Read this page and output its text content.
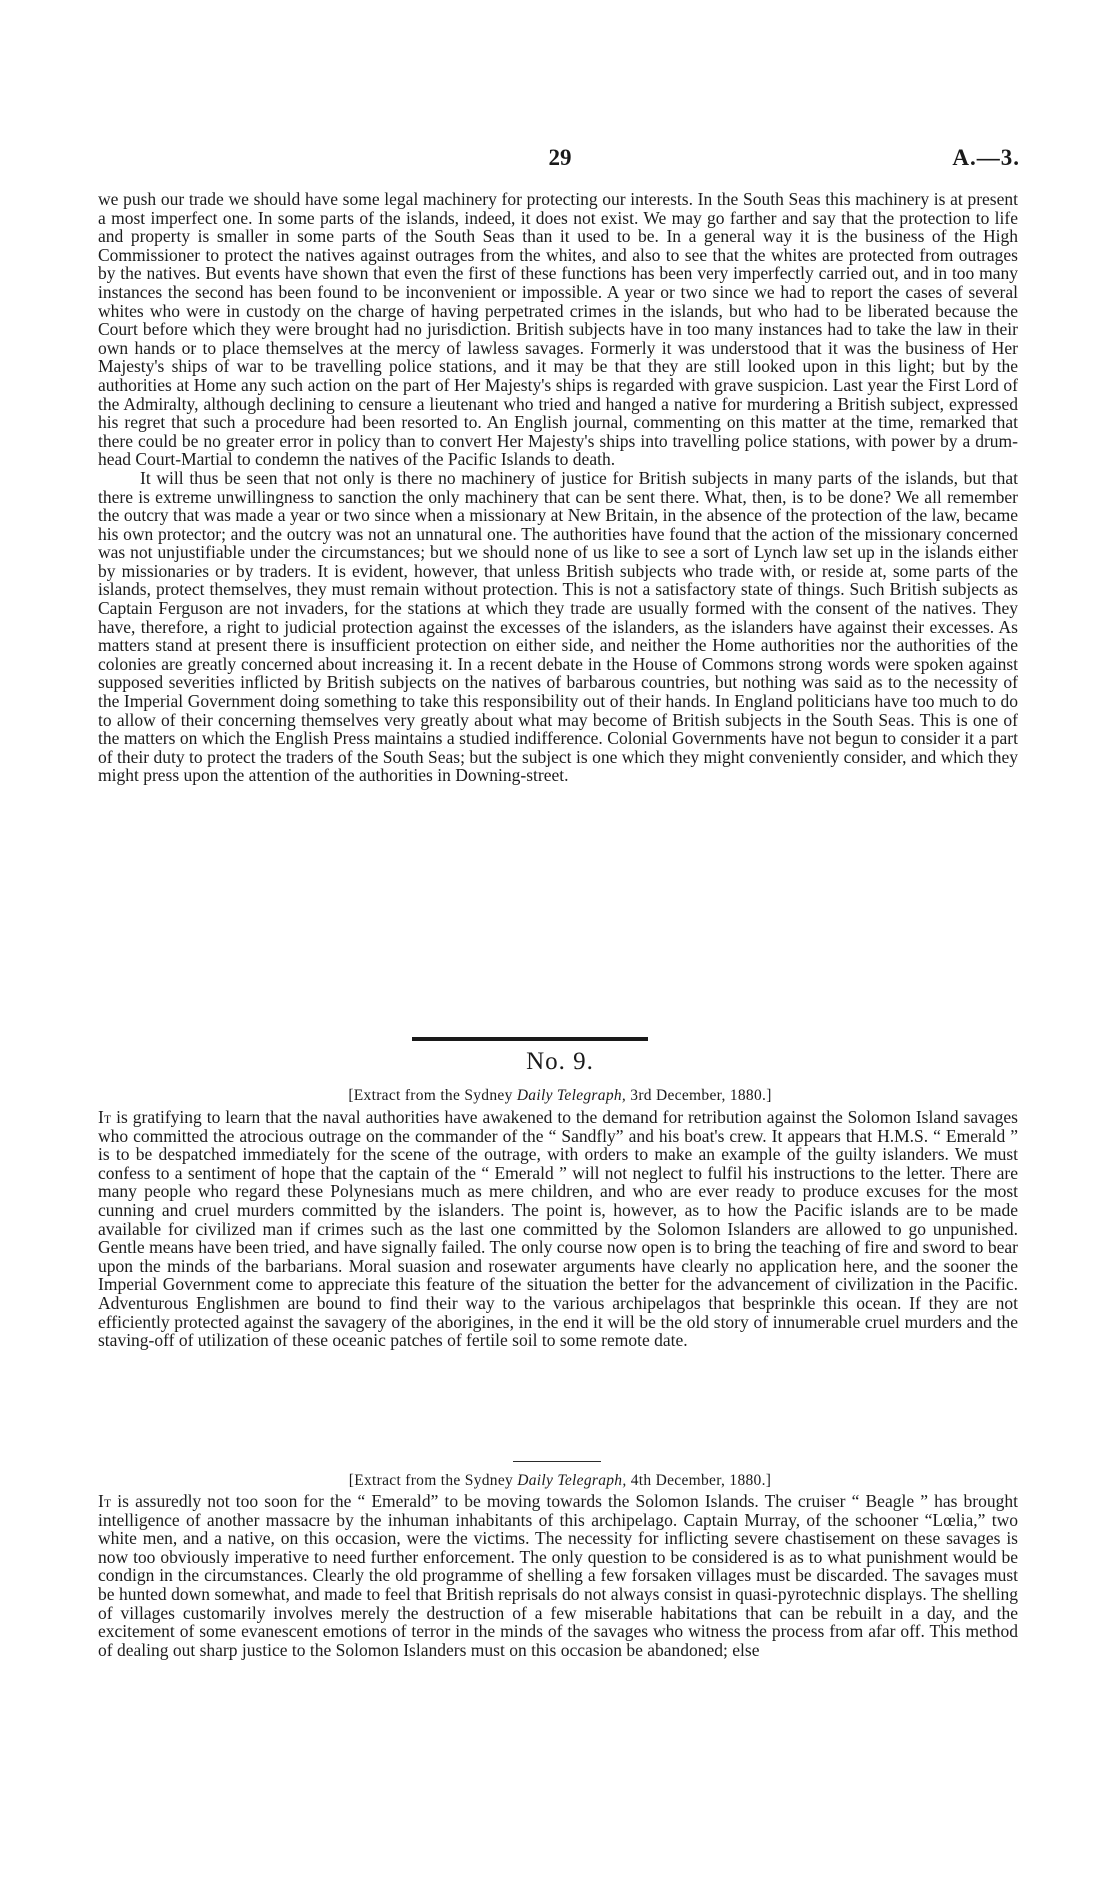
29	A.—3.

we push our trade we should have some legal machinery for protecting our interests. In the South Seas this machinery is at present a most imperfect one. In some parts of the islands, indeed, it does not exist. We may go farther and say that the protection to life and property is smaller in some parts of the South Seas than it used to be. In a general way it is the business of the High Commissioner to protect the natives against outrages from the whites, and also to see that the whites are protected from outrages by the natives. But events have shown that even the first of these functions has been very imperfectly carried out, and in too many instances the second has been found to be inconvenient or impossible. A year or two since we had to report the cases of several whites who were in custody on the charge of having perpetrated crimes in the islands, but who had to be liberated because the Court before which they were brought had no jurisdiction. British subjects have in too many instances had to take the law in their own hands or to place themselves at the mercy of lawless savages. Formerly it was understood that it was the business of Her Majesty's ships of war to be travelling police stations, and it may be that they are still looked upon in this light; but by the authorities at Home any such action on the part of Her Majesty's ships is regarded with grave suspicion. Last year the First Lord of the Admiralty, although declining to censure a lieutenant who tried and hanged a native for murdering a British subject, expressed his regret that such a procedure had been resorted to. An English journal, commenting on this matter at the time, remarked that there could be no greater error in policy than to convert Her Majesty's ships into travelling police stations, with power by a drum-head Court-Martial to condemn the natives of the Pacific Islands to death.

It will thus be seen that not only is there no machinery of justice for British subjects in many parts of the islands, but that there is extreme unwillingness to sanction the only machinery that can be sent there. What, then, is to be done? We all remember the outcry that was made a year or two since when a missionary at New Britain, in the absence of the protection of the law, became his own protector; and the outcry was not an unnatural one. The authorities have found that the action of the missionary concerned was not unjustifiable under the circumstances; but we should none of us like to see a sort of Lynch law set up in the islands either by missionaries or by traders. It is evident, however, that unless British subjects who trade with, or reside at, some parts of the islands, protect themselves, they must remain without protection. This is not a satisfactory state of things. Such British subjects as Captain Ferguson are not invaders, for the stations at which they trade are usually formed with the consent of the natives. They have, therefore, a right to judicial protection against the excesses of the islanders, as the islanders have against their excesses. As matters stand at present there is insufficient protection on either side, and neither the Home authorities nor the authorities of the colonies are greatly concerned about increasing it. In a recent debate in the House of Commons strong words were spoken against supposed severities inflicted by British subjects on the natives of barbarous countries, but nothing was said as to the necessity of the Imperial Government doing something to take this responsibility out of their hands. In England politicians have too much to do to allow of their concerning themselves very greatly about what may become of British subjects in the South Seas. This is one of the matters on which the English Press maintains a studied indifference. Colonial Governments have not begun to consider it a part of their duty to protect the traders of the South Seas; but the subject is one which they might conveniently consider, and which they might press upon the attention of the authorities in Downing-street.

No. 9.
[Extract from the Sydney Daily Telegraph, 3rd December, 1880.]

It is gratifying to learn that the naval authorities have awakened to the demand for retribution against the Solomon Island savages who committed the atrocious outrage on the commander of the “ Sandfly” and his boat's crew. It appears that H.M.S. “ Emerald ” is to be despatched immediately for the scene of the outrage, with orders to make an example of the guilty islanders. We must confess to a sentiment of hope that the captain of the “ Emerald ” will not neglect to fulfil his instructions to the letter. There are many people who regard these Polynesians much as mere children, and who are ever ready to produce excuses for the most cunning and cruel murders committed by the islanders. The point is, however, as to how the Pacific islands are to be made available for civilized man if crimes such as the last one committed by the Solomon Islanders are allowed to go unpunished. Gentle means have been tried, and have signally failed. The only course now open is to bring the teaching of fire and sword to bear upon the minds of the barbarians. Moral suasion and rosewater arguments have clearly no application here, and the sooner the Imperial Government come to appreciate this feature of the situation the better for the advancement of civilization in the Pacific. Adventurous Englishmen are bound to find their way to the various archipelagos that besprinkle this ocean. If they are not efficiently protected against the savagery of the aborigines, in the end it will be the old story of innumerable cruel murders and the staving-off of utilization of these oceanic patches of fertile soil to some remote date.

[Extract from the Sydney Daily Telegraph, 4th December, 1880.]

It is assuredly not too soon for the “ Emerald” to be moving towards the Solomon Islands. The cruiser “ Beagle ” has brought intelligence of another massacre by the inhuman inhabitants of this archipelago. Captain Murray, of the schooner “Lœlia,” two white men, and a native, on this occasion, were the victims. The necessity for inflicting severe chastisement on these savages is now too obviously imperative to need further enforcement. The only question to be considered is as to what punishment would be condign in the circumstances. Clearly the old programme of shelling a few forsaken villages must be discarded. The savages must be hunted down somewhat, and made to feel that British reprisals do not always consist in quasi-pyrotechnic displays. The shelling of villages customarily involves merely the destruction of a few miserable habitations that can be rebuilt in a day, and the excitement of some evanescent emotions of terror in the minds of the savages who witness the process from afar off. This method of dealing out sharp justice to the Solomon Islanders must on this occasion be abandoned; else
